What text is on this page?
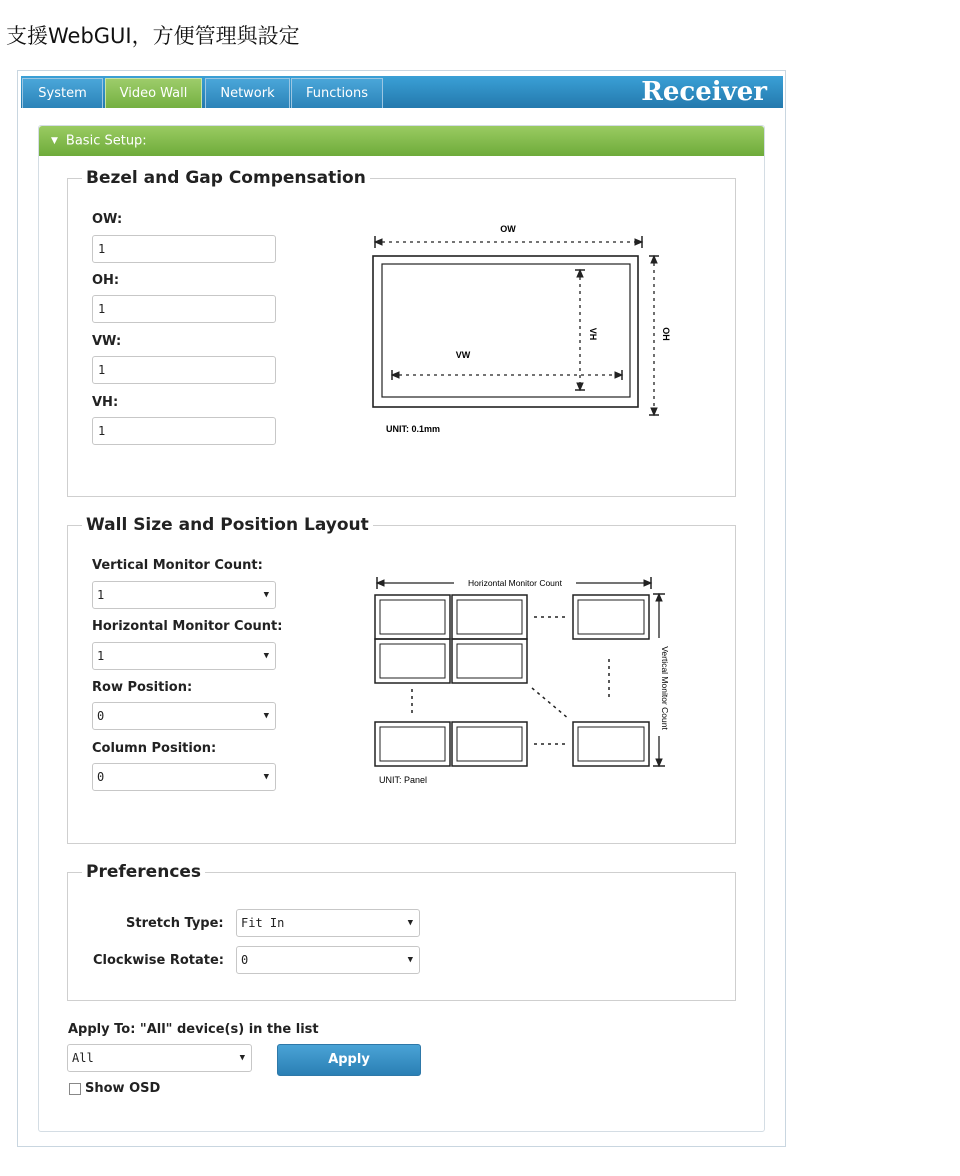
支援WebGUI，方便管理與設定
System	Video Wall	Network	Functions	Receiver
▼ Basic Setup:
Bezel and Gap Compensation
OW:
1
OH:
1
VW:
1
VH:
1
OW
VW
VH	OH
UNIT: 0.1mm
Wall Size and Position Layout
Vertical Monitor Count:
1	▼
Horizontal Monitor Count:
1	▼
Row Position:
0	▼
Column Position:
0	▼
Horizontal Monitor Count
Vertical Monitor Count
UNIT: Panel
Preferences
Stretch Type:	Fit In	▼
Clockwise Rotate:	0	▼
Apply To: "All" device(s) in the list
All	▼	Apply
Show OSD
